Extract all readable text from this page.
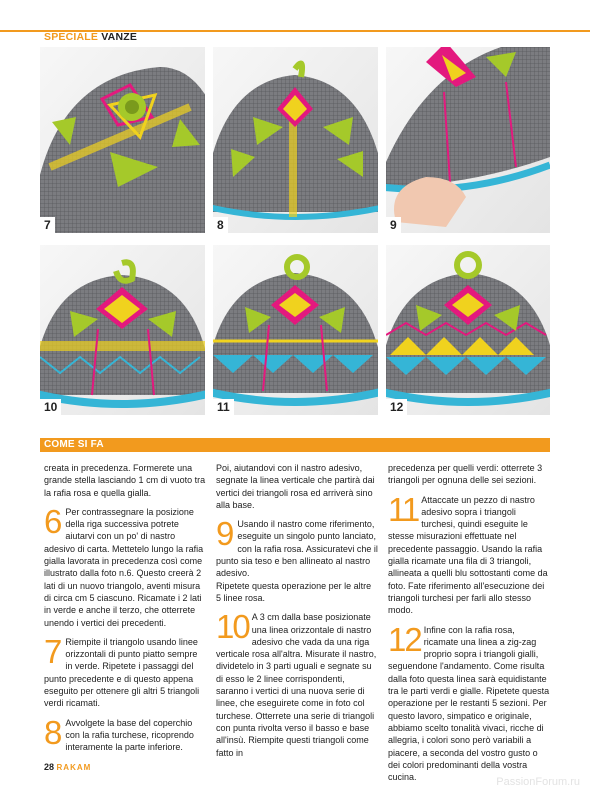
SPECIALE VANZE
7	8	9
10	11	12
COME SI FA

creata in precedenza. Formerete una grande stella lasciando 1 cm di vuoto tra la rafia rosa e quella gialla.

6 Per contrassegnare la posizione della riga successiva potrete aiutarvi con un po' di nastro adesivo di carta. Mettetelo lungo la rafia gialla lavorata in precedenza così come illustrato dalla foto n.6. Questo creerà 2 lati di un nuovo triangolo, aventi misura di circa cm 5 ciascuno. Ricamate i 2 lati in verde e anche il terzo, che otterrete unendo i vertici dei precedenti.

7 Riempite il triangolo usando linee orizzontali di punto piatto sempre in verde. Ripetete i passaggi del punto precedente e di questo appena eseguito per ottenere gli altri 5 triangoli verdi ricamati.

8 Avvolgete la base del coperchio con la rafia turchese, ricoprendo interamente la parte inferiore.

Poi, aiutandovi con il nastro adesivo, segnate la linea verticale che partirà dai vertici dei triangoli rosa ed arriverà sino alla base.

9 Usando il nastro come riferimento, eseguite un singolo punto lanciato, con la rafia rosa. Assicuratevi che il punto sia teso e ben allineato al nastro adesivo.

Ripetete questa operazione per le altre 5 linee rosa.

10 A 3 cm dalla base posizionate una linea orizzontale di nastro adesivo che vada da una riga verticale rosa all'altra. Misurate il nastro, dividetelo in 3 parti uguali e segnate su di esso le 2 linee corrispondenti, saranno i vertici di una nuova serie di linee, che eseguirete come in foto col turchese. Otterrete una serie di triangoli con punta rivolta verso il basso e base all'insù. Riempite questi triangoli come fatto in

precedenza per quelli verdi: otterrete 3 triangoli per ognuna delle sei sezioni.

11 Attaccate un pezzo di nastro adesivo sopra i triangoli turchesi, quindi eseguite le stesse misurazioni effettuate nel precedente passaggio. Usando la rafia gialla ricamate una fila di 3 triangoli, allineata a quelli blu sottostanti come da foto. Fate riferimento all'esecuzione dei triangoli turchesi per farli allo stesso modo.

12 Infine con la rafia rosa, ricamate una linea a zig-zag proprio sopra i triangoli gialli, seguendone l'andamento. Come risulta dalla foto questa linea sarà equidistante tra le parti verdi e gialle. Ripetete questa operazione per le restanti 5 sezioni. Per questo lavoro, simpatico e originale, abbiamo scelto tonalità vivaci, ricche di allegria, i colori sono però variabili a piacere, a seconda del vostro gusto o dei colori predominanti della vostra cucina.

28 RAKAM
PassionForum.ru
